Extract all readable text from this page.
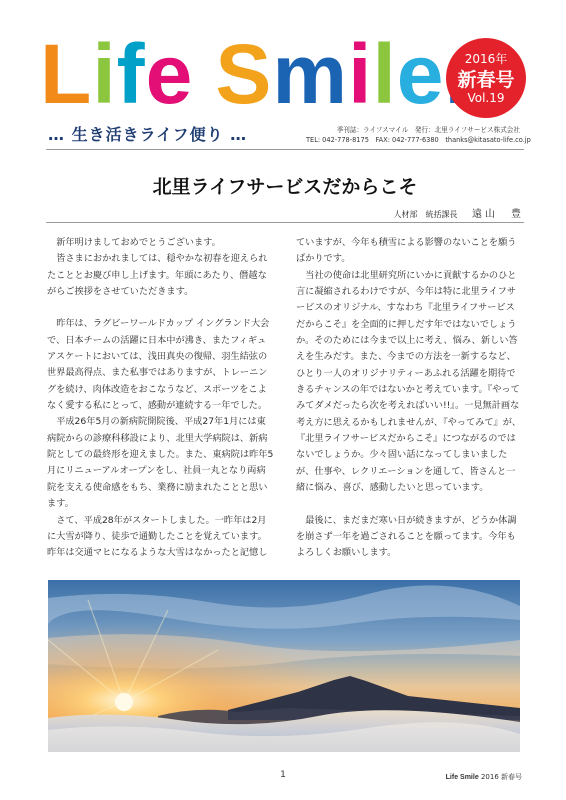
Life Smile
… 生き活きライフ便り …
2016年
新春号
Vol.19
季刊誌：ライフスマイル　発行：北里ライフサービス株式会社
TEL: 042-778-8175　FAX: 042-777-6380　thanks@kitasato-life.co.jp
北里ライフサービスだからこそ
人材部　統括課長 遠山　豊

新年明けましておめでとうございます。

皆さまにおかれましては、穏やかな初春を迎えられたこととお慶び申し上げます。年頭にあたり、僭越ながらご挨拶をさせていただきます。

昨年は、ラグビーワールドカップ イングランド大会で、日本チームの活躍に日本中が沸き、またフィギュアスケートにおいては、浅田真央の復帰、羽生結弦の世界最高得点、また私事ではありますが、トレーニングを続け、肉体改造をおこなうなど、スポーツをこよなく愛する私にとって、感動が連続する一年でした。

平成26年5月の新病院開院後、平成27年1月には東病院からの診療科移設により、北里大学病院は、新病院としての最終形を迎えました。また、東病院は昨年5月にリニューアルオープンをし、社員一丸となり両病院を支える使命感をもち、業務に励まれたことと思います。

さて、平成28年がスタートしました。一昨年は2月に大雪が降り、徒歩で通勤したことを覚えています。昨年は交通マヒになるような大雪はなかったと記憶し

ていますが、今年も積雪による影響のないことを願うばかりです。

当社の使命は北里研究所にいかに貢献するかのひと言に凝縮されるわけですが、今年は特に北里ライフサービスのオリジナル、すなわち『北里ライフサービスだからこそ』を全面的に押しだす年ではないでしょうか。そのためには今まで以上に考え、悩み、新しい答えを生みだす。また、今までの方法を一新するなど、ひとり一人のオリジナリティーあふれる活躍を期待できるチャンスの年ではないかと考えています。『やってみてダメだったら次を考えればいい!!』。一見無計画な考え方に思えるかもしれませんが、『やってみて』が、『北里ライフサービスだからこそ』につながるのではないでしょうか。少々固い話になってしまいましたが、仕事や、レクリエーションを通して、皆さんと一緒に悩み、喜び、感動したいと思っています。

最後に、まだまだ寒い日が続きますが、どうか体調を崩さず一年を過ごされることを願ってます。今年もよろしくお願いします。

1	Life Smile 2016 新春号
